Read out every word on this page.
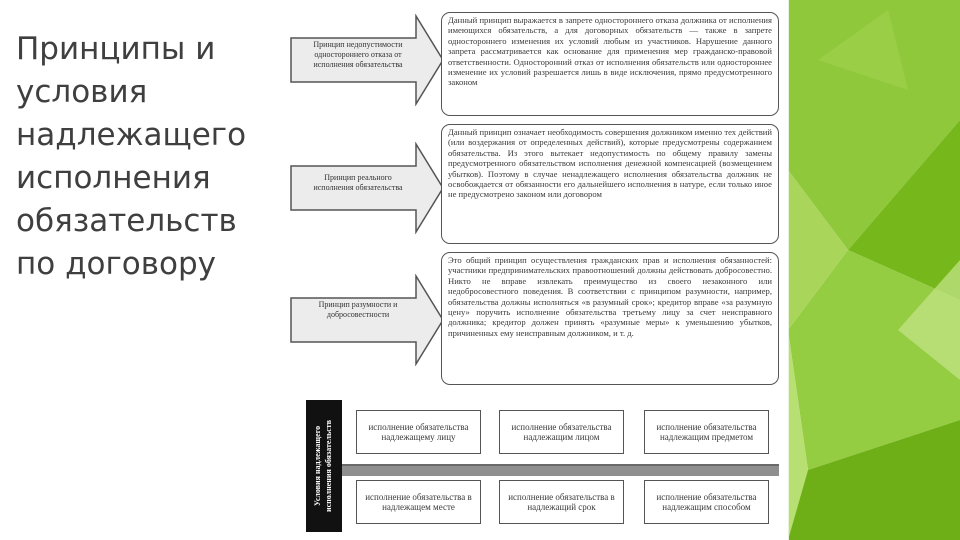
Принципы и условия надлежащего исполнения обязательств по договору
Принцип недопустимости одностороннего отказа от исполнения обязательства
Данный принцип выражается в запрете одностороннего отказа должника от исполнения имеющихся обязательств, а для договорных обязательств — также в запрете одностороннего изменения их условий любым из участников. Нарушение данного запрета рассматривается как основание для применения мер гражданско-правовой ответственности. Односторонний отказ от исполнения обязательств или одностороннее изменение их условий разрешается лишь в виде исключения, прямо предусмотренного законом
Принцип реального исполнения обязательства
Данный принцип означает необходимость совершения должником именно тех действий (или воздержания от определенных действий), которые предусмотрены содержанием обязательства. Из этого вытекает недопустимость по общему правилу замены предусмотренного обязательством исполнения денежной компенсацией (возмещением убытков). Поэтому в случае ненадлежащего исполнения обязательства должник не освобождается от обязанности его дальнейшего исполнения в натуре, если только иное не предусмотрено законом или договором
Принцип разумности и добросовестности
Это общий принцип осуществления гражданских прав и исполнения обязанностей: участники предпринимательских правоотношений должны действовать добросовестно. Никто не вправе извлекать преимущество из своего незаконного или недобросовестного поведения. В соответствии с принципом разумности, например, обязательства должны исполняться «в разумный срок»; кредитор вправе «за разумную цену» поручить исполнение обязательства третьему лицу за счет неисправного должника; кредитор должен принять «разумные меры» к уменьшению убытков, причиненных ему неисправным должником, и т. д.
Условия надлежащего исполнения обязательств	исполнение обязательства надлежащему лицу
исполнение обязательства надлежащим лицом
исполнение обязательства надлежащим предметом
исполнение обязательства в надлежащем месте
исполнение обязательства в надлежащий срок
исполнение обязательства надлежащим способом
